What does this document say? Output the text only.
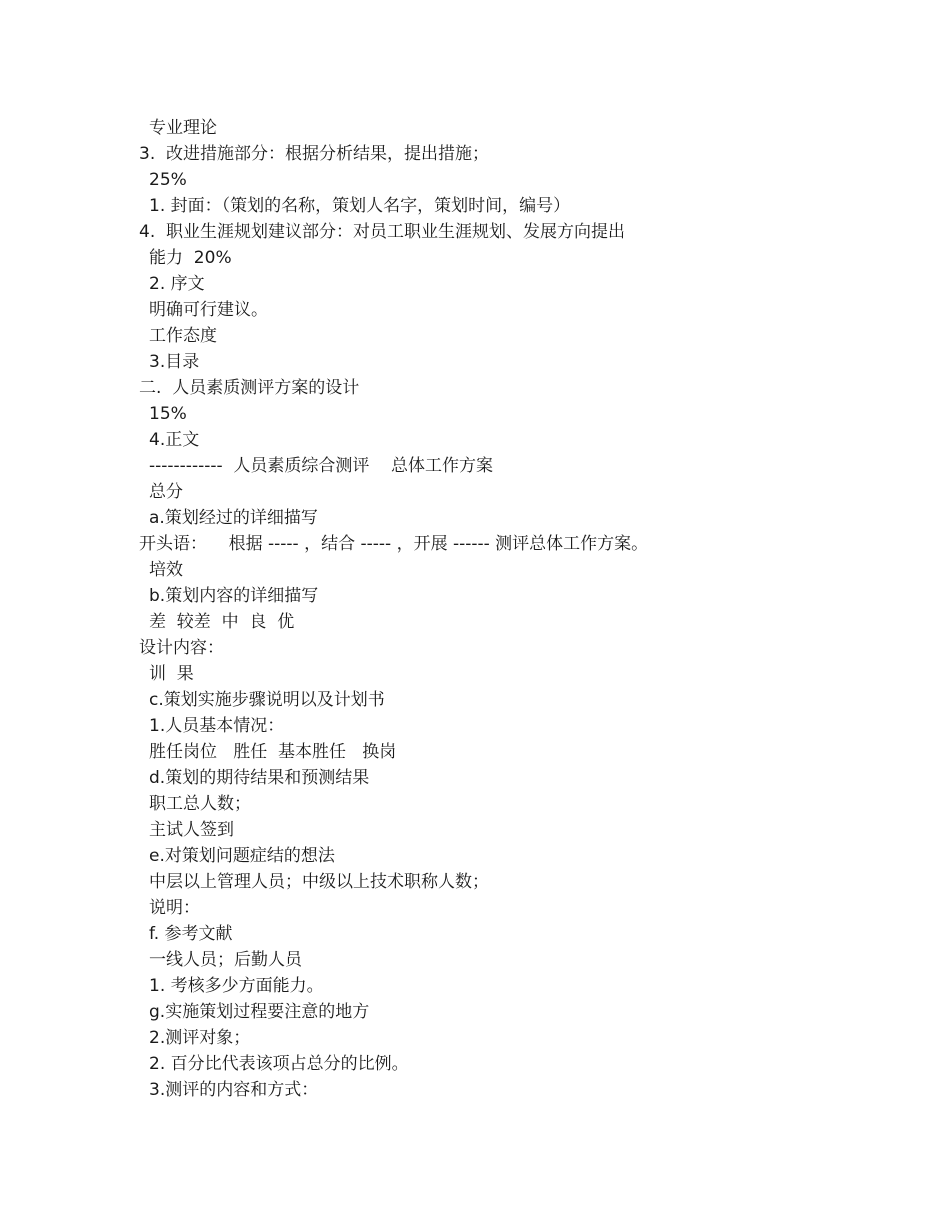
专业理论
3.  改进措施部分：根据分析结果，提出措施；
25%
1. 封面：（策划的名称，策划人名字，策划时间，编号）
4.  职业生涯规划建议部分：对员工职业生涯规划、发展方向提出
能力  20%
2. 序文
明确可行建议。
工作态度
3.目录
二.  人员素质测评方案的设计
15%
4.正文
------------  人员素质综合测评    总体工作方案
总分
a.策划经过的详细描写
开头语：    根据 ----- ，结合 ----- ，开展 ------ 测评总体工作方案。
培效
b.策划内容的详细描写
差  较差  中  良  优
设计内容：
训  果
c.策划实施步骤说明以及计划书
1.人员基本情况：
胜任岗位   胜任  基本胜任   换岗
d.策划的期待结果和预测结果
职工总人数；
主试人签到
e.对策划问题症结的想法
中层以上管理人员；中级以上技术职称人数；
说明：
f. 参考文献
一线人员；后勤人员
1. 考核多少方面能力。
g.实施策划过程要注意的地方
2.测评对象；
2. 百分比代表该项占总分的比例。
3.测评的内容和方式：
